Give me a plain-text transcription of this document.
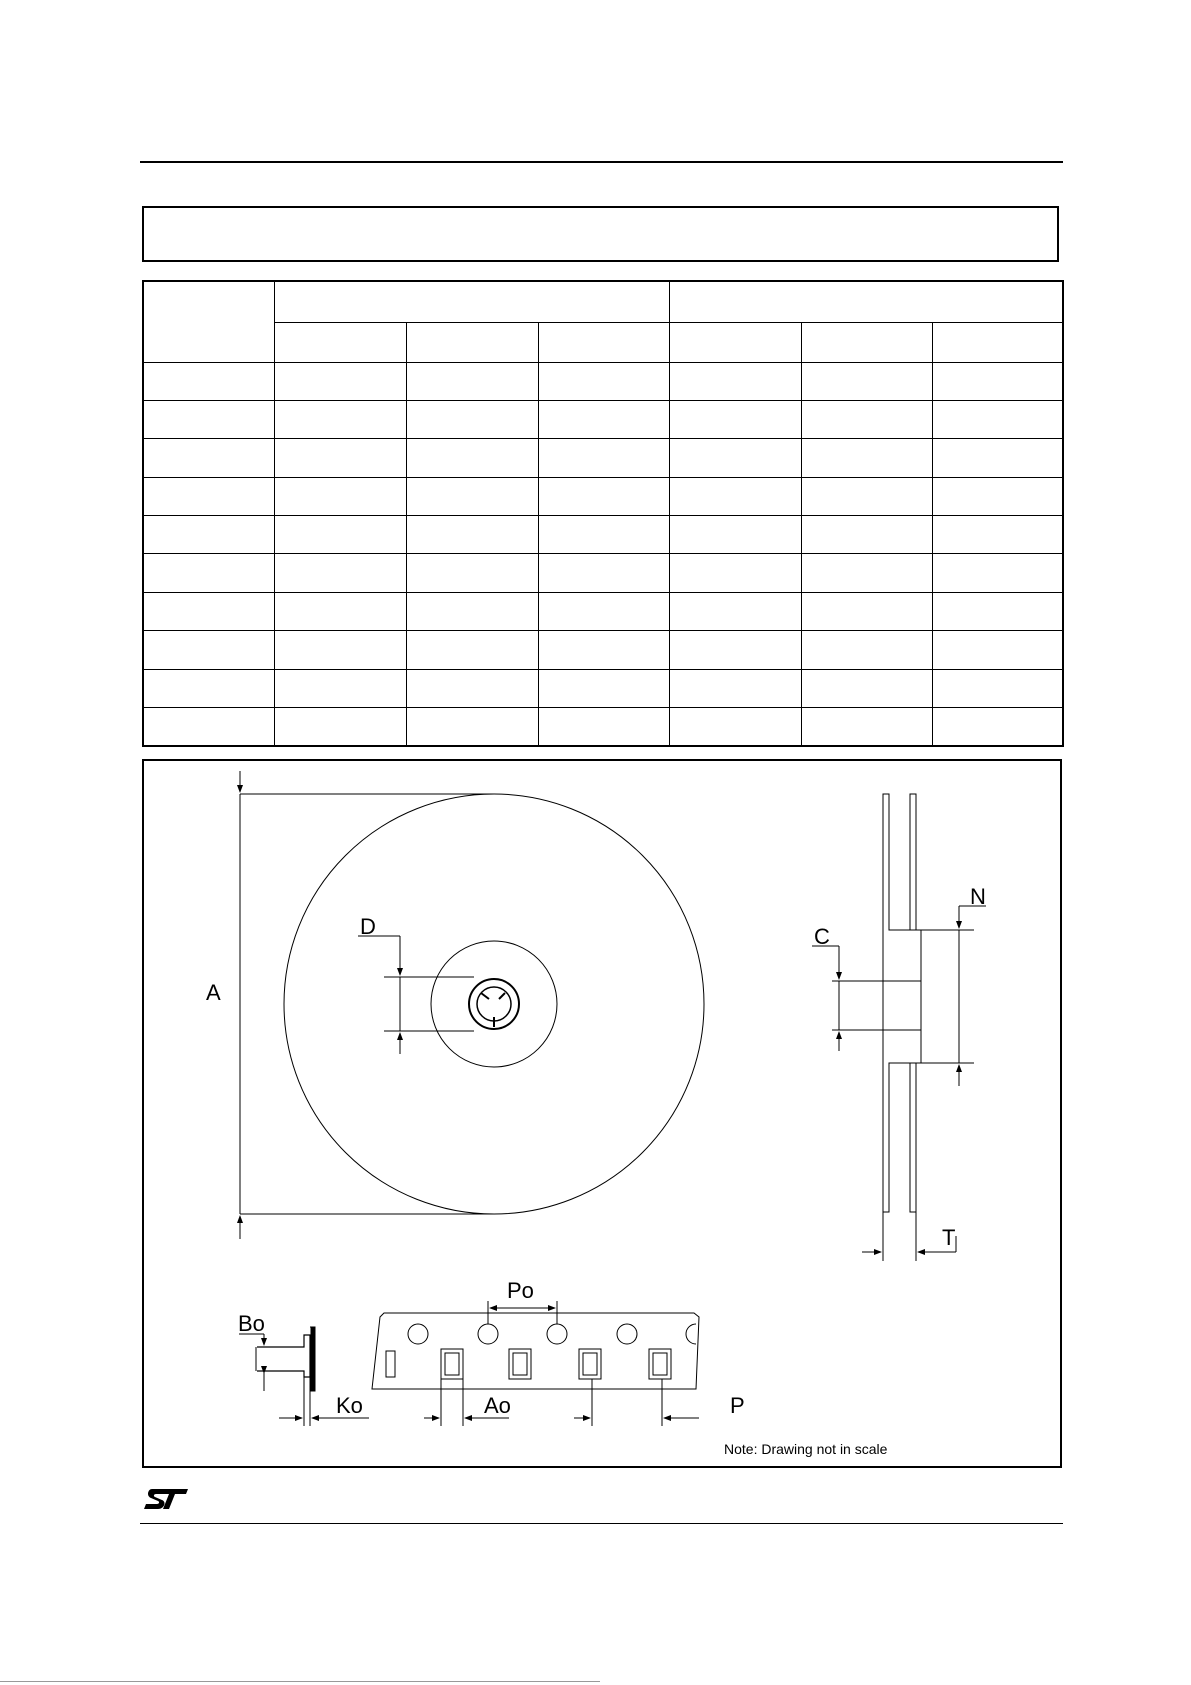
A
D	C
N
T
Po
Bo
Ko	Ao	P
Note: Drawing not in scale
ST
